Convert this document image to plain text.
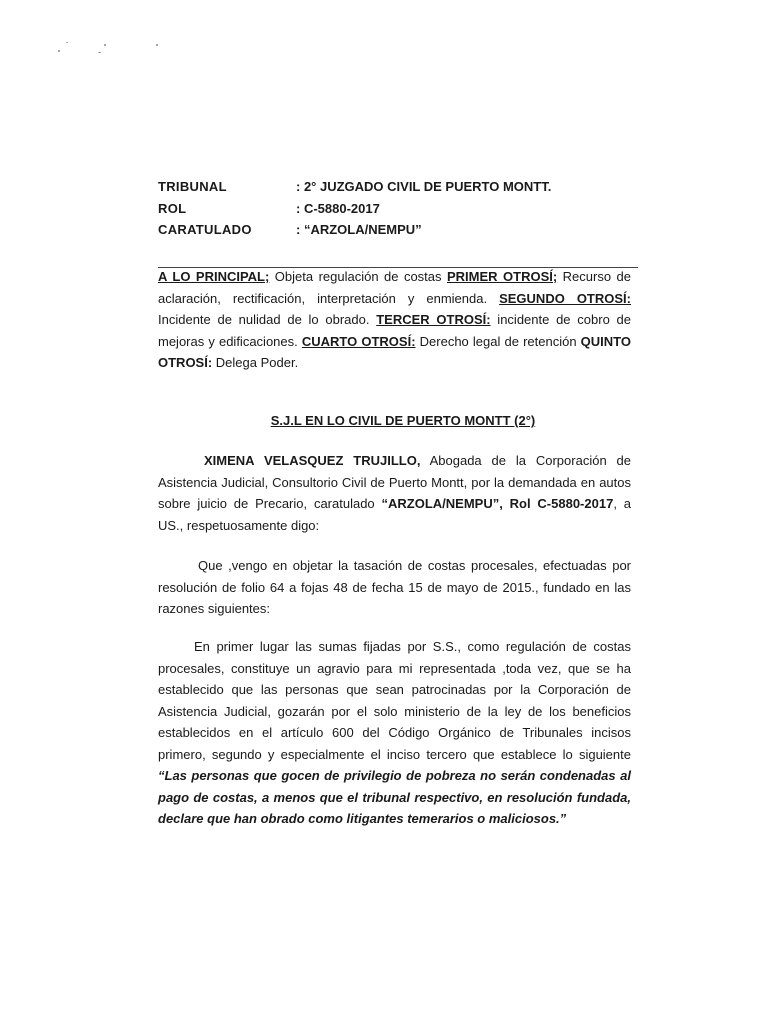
TRIBUNAL	: 2° JUZGADO CIVIL DE PUERTO MONTT.
ROL	: C-5880-2017
CARATULADO	: “ARZOLA/NEMPU”
A LO PRINCIPAL; Objeta regulación de costas PRIMER OTROSÍ; Recurso de aclaración, rectificación, interpretación y enmienda. SEGUNDO OTROSÍ: Incidente de nulidad de lo obrado. TERCER OTROSÍ: incidente de cobro de mejoras y edificaciones. CUARTO OTROSÍ: Derecho legal de retención QUINTO OTROSÍ: Delega Poder.
S.J.L EN LO CIVIL DE PUERTO MONTT (2°)
XIMENA VELASQUEZ TRUJILLO, Abogada de la Corporación de Asistencia Judicial, Consultorio Civil de Puerto Montt, por la demandada en autos sobre juicio de Precario, caratulado “ARZOLA/NEMPU”, Rol C-5880-2017, a US., respetuosamente digo:
Que ,vengo en objetar la tasación de costas procesales, efectuadas por resolución de folio 64 a fojas 48 de fecha 15 de mayo de 2015., fundado en las razones siguientes:
En primer lugar las sumas fijadas por S.S., como regulación de costas procesales, constituye un agravio para mi representada ,toda vez, que se ha establecido que las personas que sean patrocinadas por la Corporación de Asistencia Judicial, gozarán por el solo ministerio de la ley de los beneficios establecidos en el artículo 600 del Código Orgánico de Tribunales incisos primero, segundo y especialmente el inciso tercero que establece lo siguiente “Las personas que gocen de privilegio de pobreza no serán condenadas al pago de costas, a menos que el tribunal respectivo, en resolución fundada, declare que han obrado como litigantes temerarios o maliciosos.”
